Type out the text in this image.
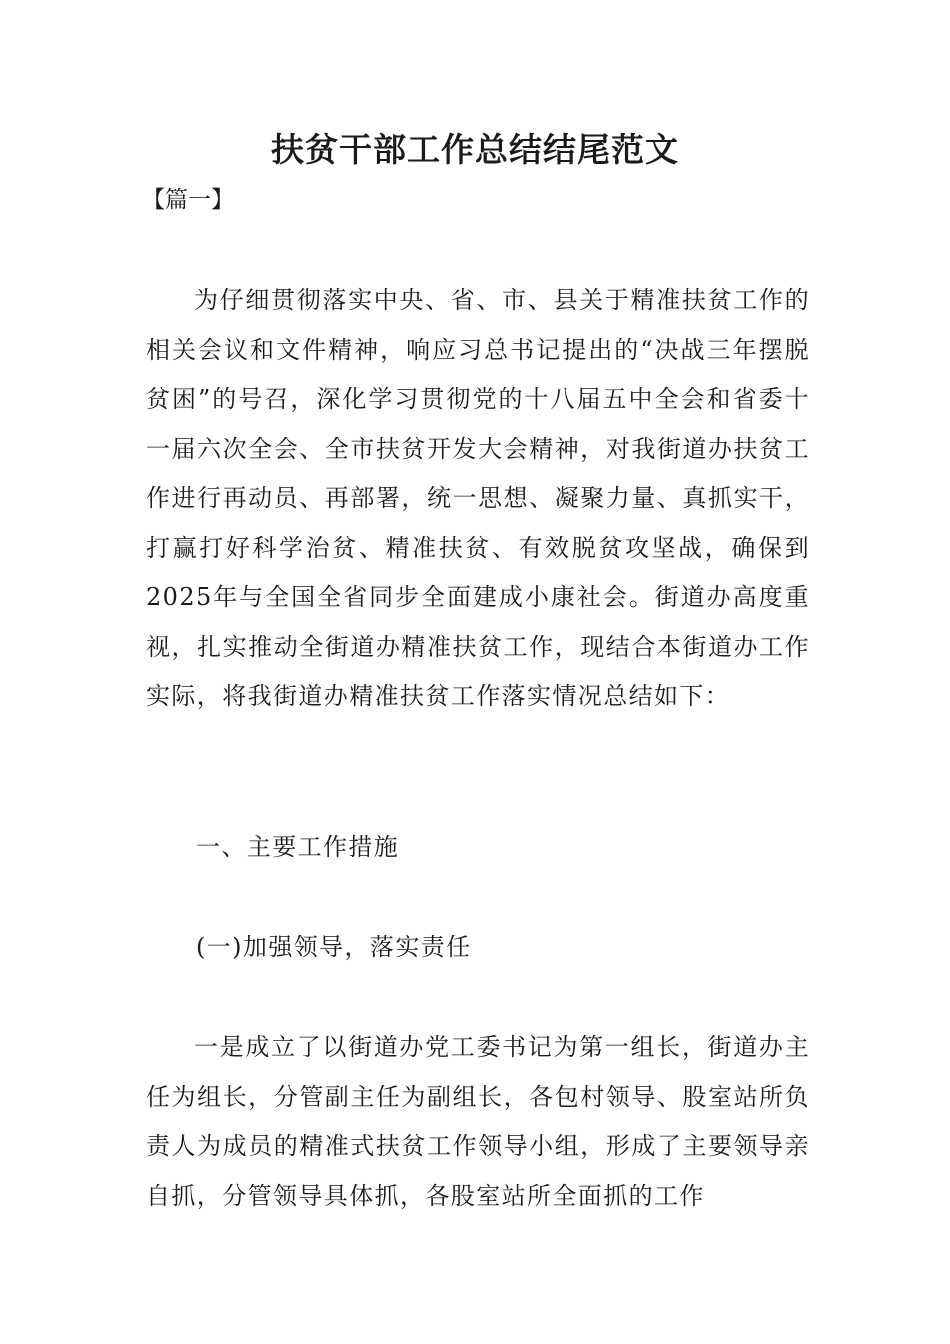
扶贫干部工作总结结尾范文
【篇一】

为仔细贯彻落实中央、省、市、县关于精准扶贫工作的相关会议和文件精神，响应习总书记提出的“决战三年摆脱贫困”的号召，深化学习贯彻党的十八届五中全会和省委十一届六次全会、全市扶贫开发大会精神，对我街道办扶贫工作进行再动员、再部署，统一思想、凝聚力量、真抓实干，打赢打好科学治贫、精准扶贫、有效脱贫攻坚战，确保到2025年与全国全省同步全面建成小康社会。街道办高度重视，扎实推动全街道办精准扶贫工作，现结合本街道办工作实际，将我街道办精准扶贫工作落实情况总结如下：

一、主要工作措施
(一)加强领导，落实责任

一是成立了以街道办党工委书记为第一组长，街道办主任为组长，分管副主任为副组长，各包村领导、股室站所负责人为成员的精准式扶贫工作领导小组，形成了主要领导亲自抓，分管领导具体抓，各股室站所全面抓的工作
